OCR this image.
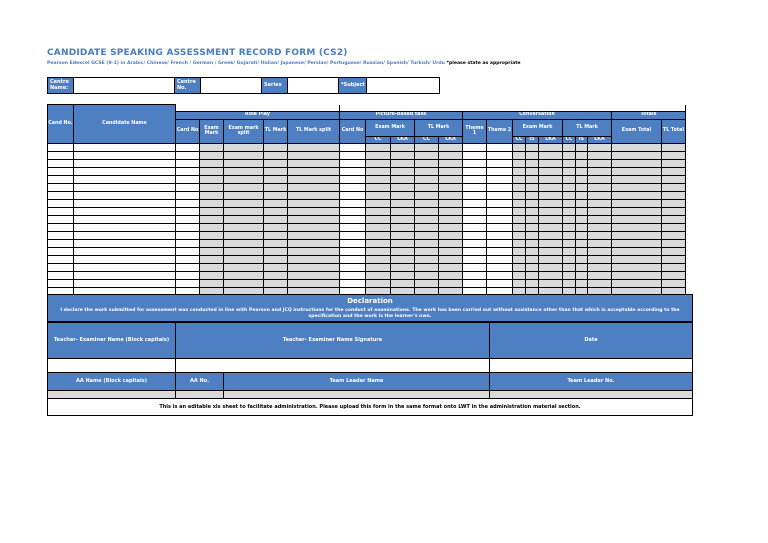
CANDIDATE SPEAKING ASSESSMENT RECORD FORM (CS2)
Pearson Edexcel GCSE (9-1) in Arabic/ Chinese/ French / German / Greek/ Gujarati/ Italian/ Japanese/ Persian/ Portuguese/ Russian/ Spanish/ Turkish/ Urdu *please state as appropriate
Centre Name:
Centre No.	Series	*Subject
Cand No.	Candidate Name																				
		Role Play					Picture-based task					Conversation								Totals	
		Card No	Exam Mark	Exam mark split	TL Mark	TL Mark split	Card No	Exam Mark		TL Mark		Theme 1	Theme 2	Exam Mark			TL Mark			Exam Total	TL Total
								CC	LKA	CC	LKA			CC	IS	LKA	CC	IS	LKA		

Declaration
I declare the work submitted for assessment was conducted in line with Pearson and JCQ instructions for the conduct of examinations. The work has been carried out without assistance other than that which is acceptable according to the specification and the work is the learner's own.
Teacher- Examiner Name (Block capitals)	Teacher- Examiner Name Signature	Date
AA Name (Block capitals)	AA No.	Team Leader Name	Team Leader No.
This is an editable xls sheet to facilitate administration. Please upload this form in the same format onto LWT in the administration material section.
